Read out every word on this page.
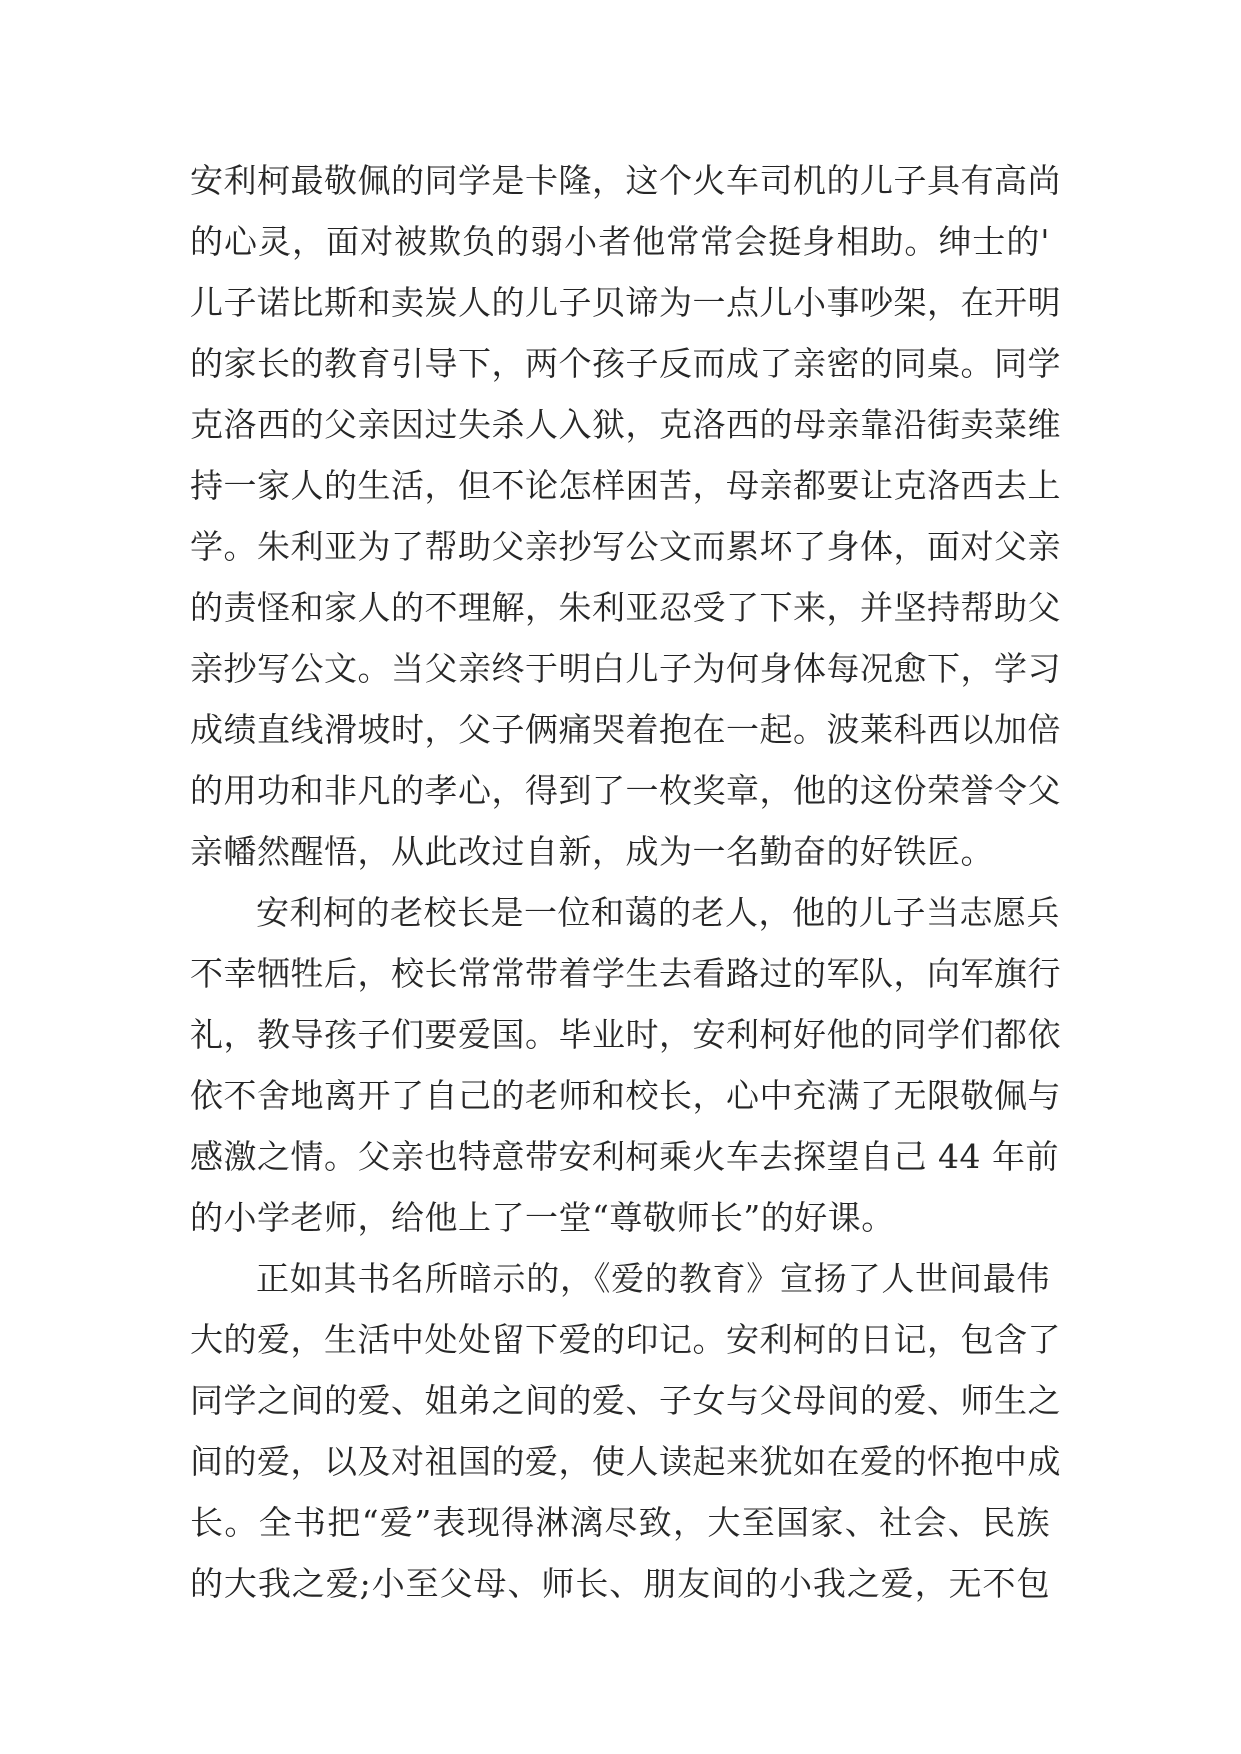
安利柯最敬佩的同学是卡隆，这个火车司机的儿子具有高尚
的心灵，面对被欺负的弱小者他常常会挺身相助。绅士的'
儿子诺比斯和卖炭人的儿子贝谛为一点儿小事吵架，在开明
的家长的教育引导下，两个孩子反而成了亲密的同桌。同学
克洛西的父亲因过失杀人入狱，克洛西的母亲靠沿街卖菜维
持一家人的生活，但不论怎样困苦，母亲都要让克洛西去上
学。朱利亚为了帮助父亲抄写公文而累坏了身体，面对父亲
的责怪和家人的不理解，朱利亚忍受了下来，并坚持帮助父
亲抄写公文。当父亲终于明白儿子为何身体每况愈下，学习
成绩直线滑坡时，父子俩痛哭着抱在一起。波莱科西以加倍
的用功和非凡的孝心，得到了一枚奖章，他的这份荣誉令父
亲幡然醒悟，从此改过自新，成为一名勤奋的好铁匠。
安利柯的老校长是一位和蔼的老人，他的儿子当志愿兵
不幸牺牲后，校长常常带着学生去看路过的军队，向军旗行
礼，教导孩子们要爱国。毕业时，安利柯好他的同学们都依
依不舍地离开了自己的老师和校长，心中充满了无限敬佩与
感激之情。父亲也特意带安利柯乘火车去探望自己 44 年前
的小学老师，给他上了一堂“尊敬师长”的好课。
正如其书名所暗示的，《爱的教育》宣扬了人世间最伟
大的爱，生活中处处留下爱的印记。安利柯的日记，包含了
同学之间的爱、姐弟之间的爱、子女与父母间的爱、师生之
间的爱，以及对祖国的爱，使人读起来犹如在爱的怀抱中成
长。全书把“爱”表现得淋漓尽致，大至国家、社会、民族
的大我之爱;小至父母、师长、朋友间的小我之爱，无不包
